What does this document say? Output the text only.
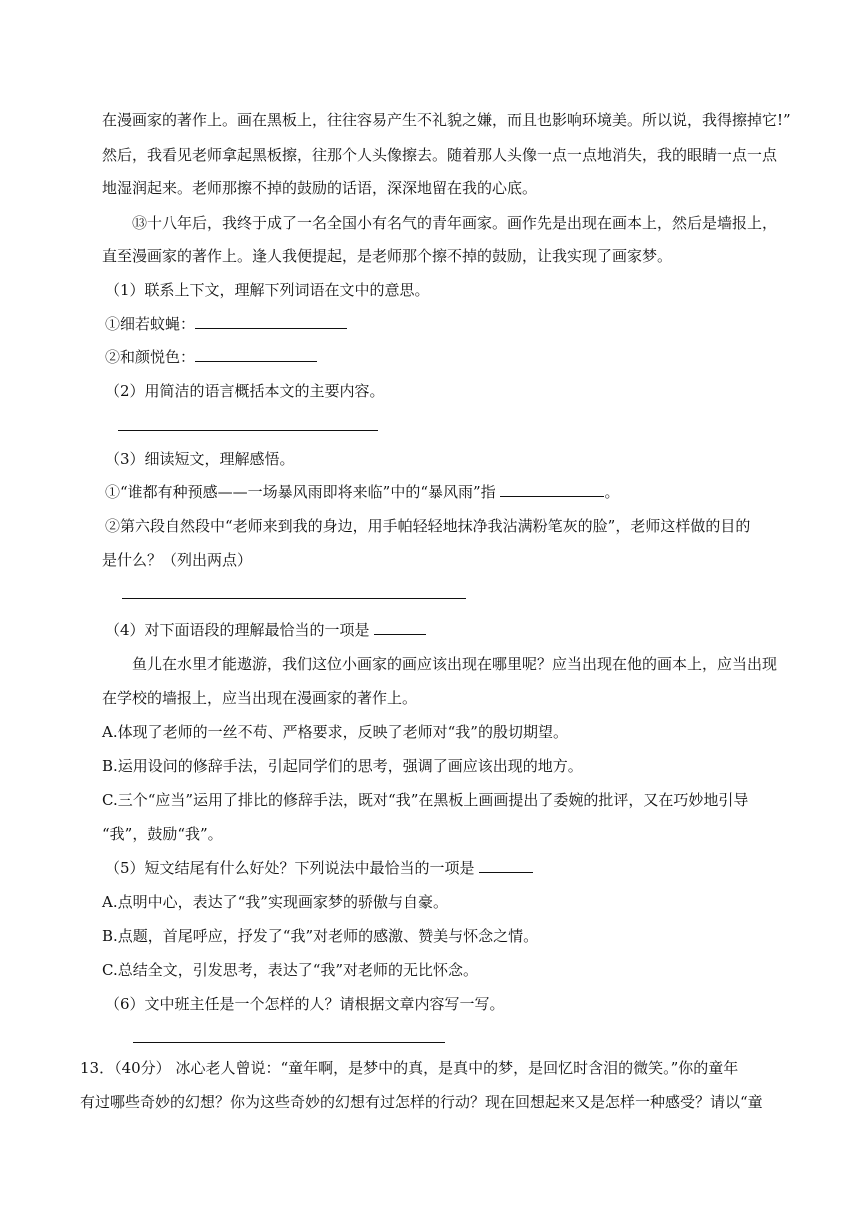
在漫画家的著作上。画在黑板上，往往容易产生不礼貌之嫌，而且也影响环境美。所以说，我得擦掉它!”
然后，我看见老师拿起黑板擦，往那个人头像擦去。随着那人头像一点一点地消失，我的眼睛一点一点
地湿润起来。老师那擦不掉的鼓励的话语，深深地留在我的心底。
⑬十八年后，我终于成了一名全国小有名气的青年画家。画作先是出现在画本上，然后是墙报上，
直至漫画家的著作上。逢人我便提起，是老师那个擦不掉的鼓励，让我实现了画家梦。
（1）联系上下文，理解下列词语在文中的意思。
①细若蚊蝇：
②和颜悦色：
（2）用简洁的语言概括本文的主要内容。
（3）细读短文，理解感悟。
①“谁都有种预感——一场暴风雨即将来临”中的“暴风雨”指	。
②第六段自然段中“老师来到我的身边，用手帕轻轻地抹净我沾满粉笔灰的脸”，老师这样做的目的
是什么？（列出两点）
（4）对下面语段的理解最恰当的一项是
鱼儿在水里才能遨游，我们这位小画家的画应该出现在哪里呢？应当出现在他的画本上，应当出现
在学校的墙报上，应当出现在漫画家的著作上。
A.体现了老师的一丝不苟、严格要求，反映了老师对“我”的殷切期望。
B.运用设问的修辞手法，引起同学们的思考，强调了画应该出现的地方。
C.三个“应当”运用了排比的修辞手法，既对“我”在黑板上画画提出了委婉的批评，又在巧妙地引导
“我”，鼓励“我”。
（5）短文结尾有什么好处？下列说法中最恰当的一项是
A.点明中心，表达了“我”实现画家梦的骄傲与自豪。
B.点题，首尾呼应，抒发了“我”对老师的感激、赞美与怀念之情。
C.总结全文，引发思考，表达了“我”对老师的无比怀念。
（6）文中班主任是一个怎样的人？请根据文章内容写一写。
13．（40分） 冰心老人曾说：“童年啊，是梦中的真，是真中的梦，是回忆时含泪的微笑。”你的童年
有过哪些奇妙的幻想？你为这些奇妙的幻想有过怎样的行动？现在回想起来又是怎样一种感受？请以“童
